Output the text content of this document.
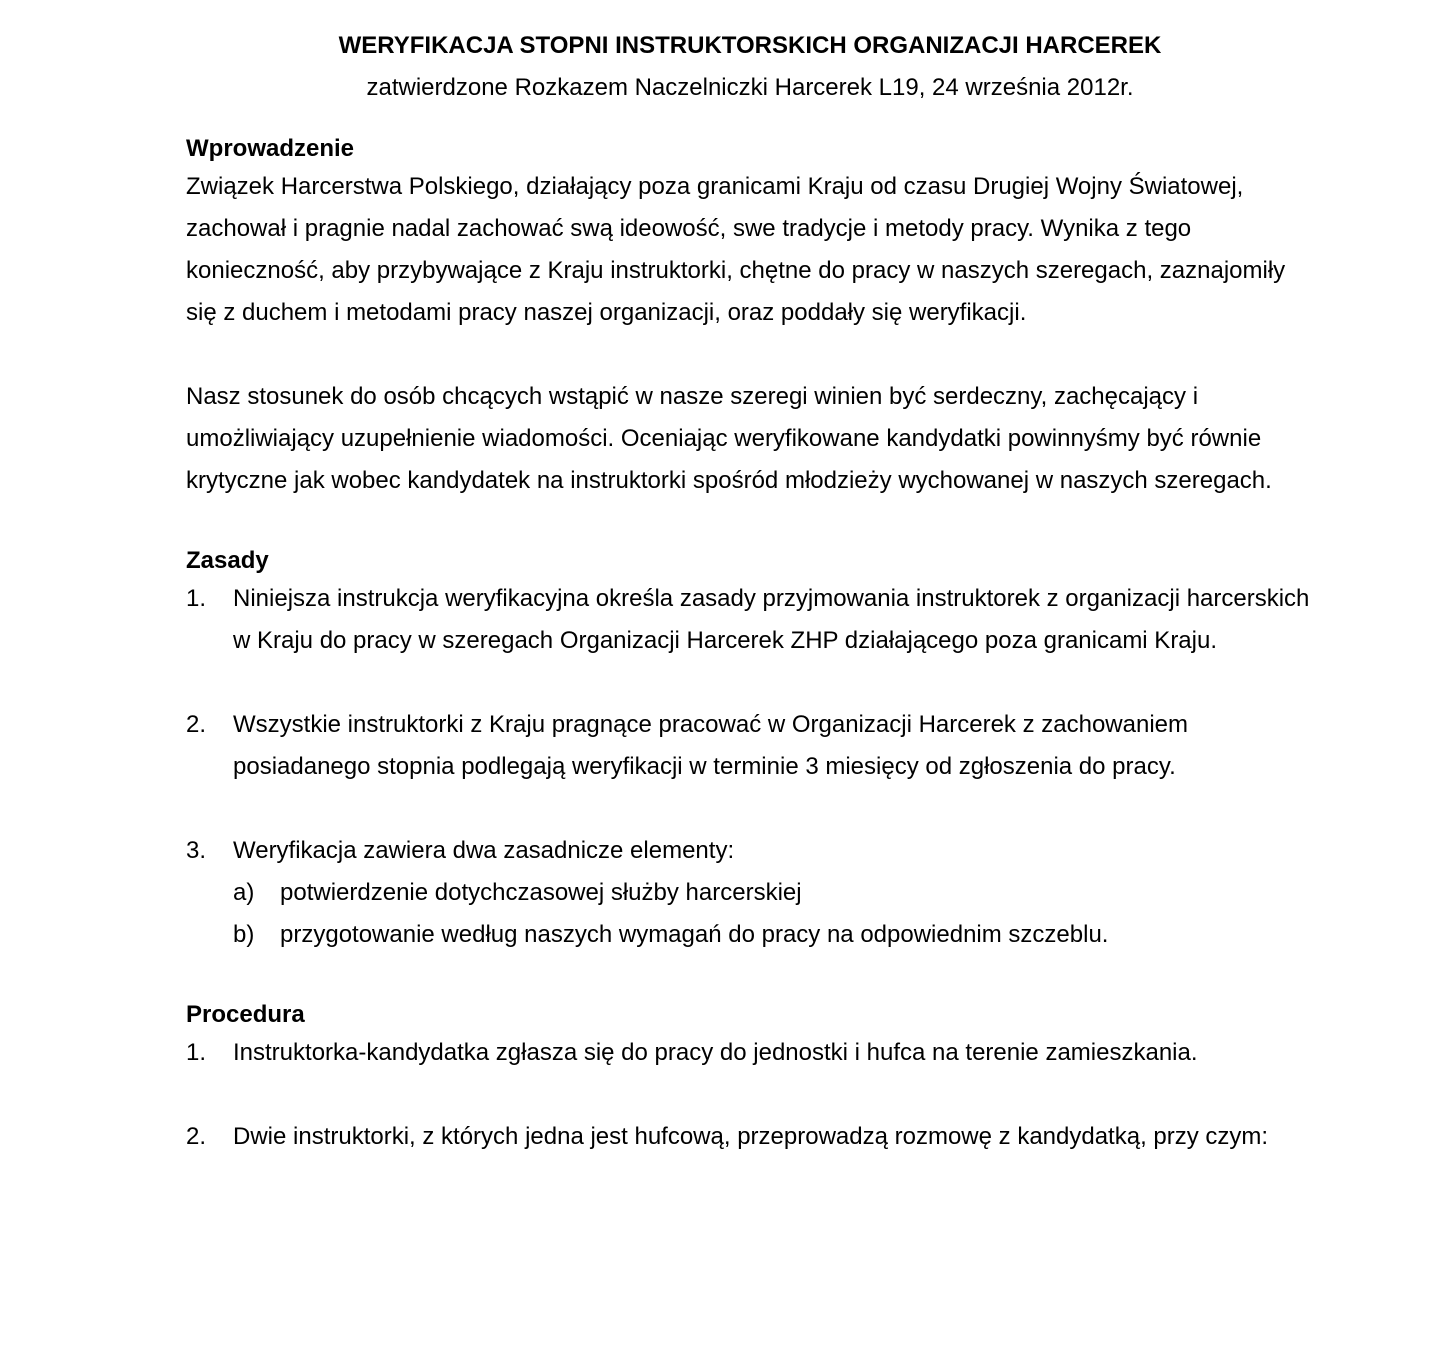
WERYFIKACJA STOPNI INSTRUKTORSKICH ORGANIZACJI HARCEREK
zatwierdzone Rozkazem Naczelniczki Harcerek L19, 24 września 2012r.

Wprowadzenie

Związek Harcerstwa Polskiego, działający poza granicami Kraju od czasu Drugiej Wojny Światowej, zachował i pragnie nadal zachować swą ideowość, swe tradycje i metody pracy. Wynika z tego konieczność, aby przybywające z Kraju instruktorki, chętne do pracy w naszych szeregach, zaznajomiły się z duchem i metodami pracy naszej organizacji, oraz poddały się weryfikacji.

Nasz stosunek do osób chcących wstąpić w nasze szeregi winien być serdeczny, zachęcający i umożliwiający uzupełnienie wiadomości. Oceniając weryfikowane kandydatki powinnyśmy być równie krytyczne jak wobec kandydatek na instruktorki spośród młodzieży wychowanej w naszych szeregach.

Zasady

1. Niniejsza instrukcja weryfikacyjna określa zasady przyjmowania instruktorek z organizacji harcerskich w Kraju do pracy w szeregach Organizacji Harcerek ZHP działającego poza granicami Kraju.
2. Wszystkie instruktorki z Kraju pragnące pracować w Organizacji Harcerek z zachowaniem posiadanego stopnia podlegają weryfikacji w terminie 3 miesięcy od zgłoszenia do pracy.
3. Weryfikacja zawiera dwa zasadnicze elementy:
a) potwierdzenie dotychczasowej służby harcerskiej
b) przygotowanie według naszych wymagań do pracy na odpowiednim szczeblu.

Procedura

1. Instruktorka-kandydatka zgłasza się do pracy do jednostki i hufca na terenie zamieszkania.
2. Dwie instruktorki, z których jedna jest hufcową, przeprowadzą rozmowę z kandydatką, przy czym:
